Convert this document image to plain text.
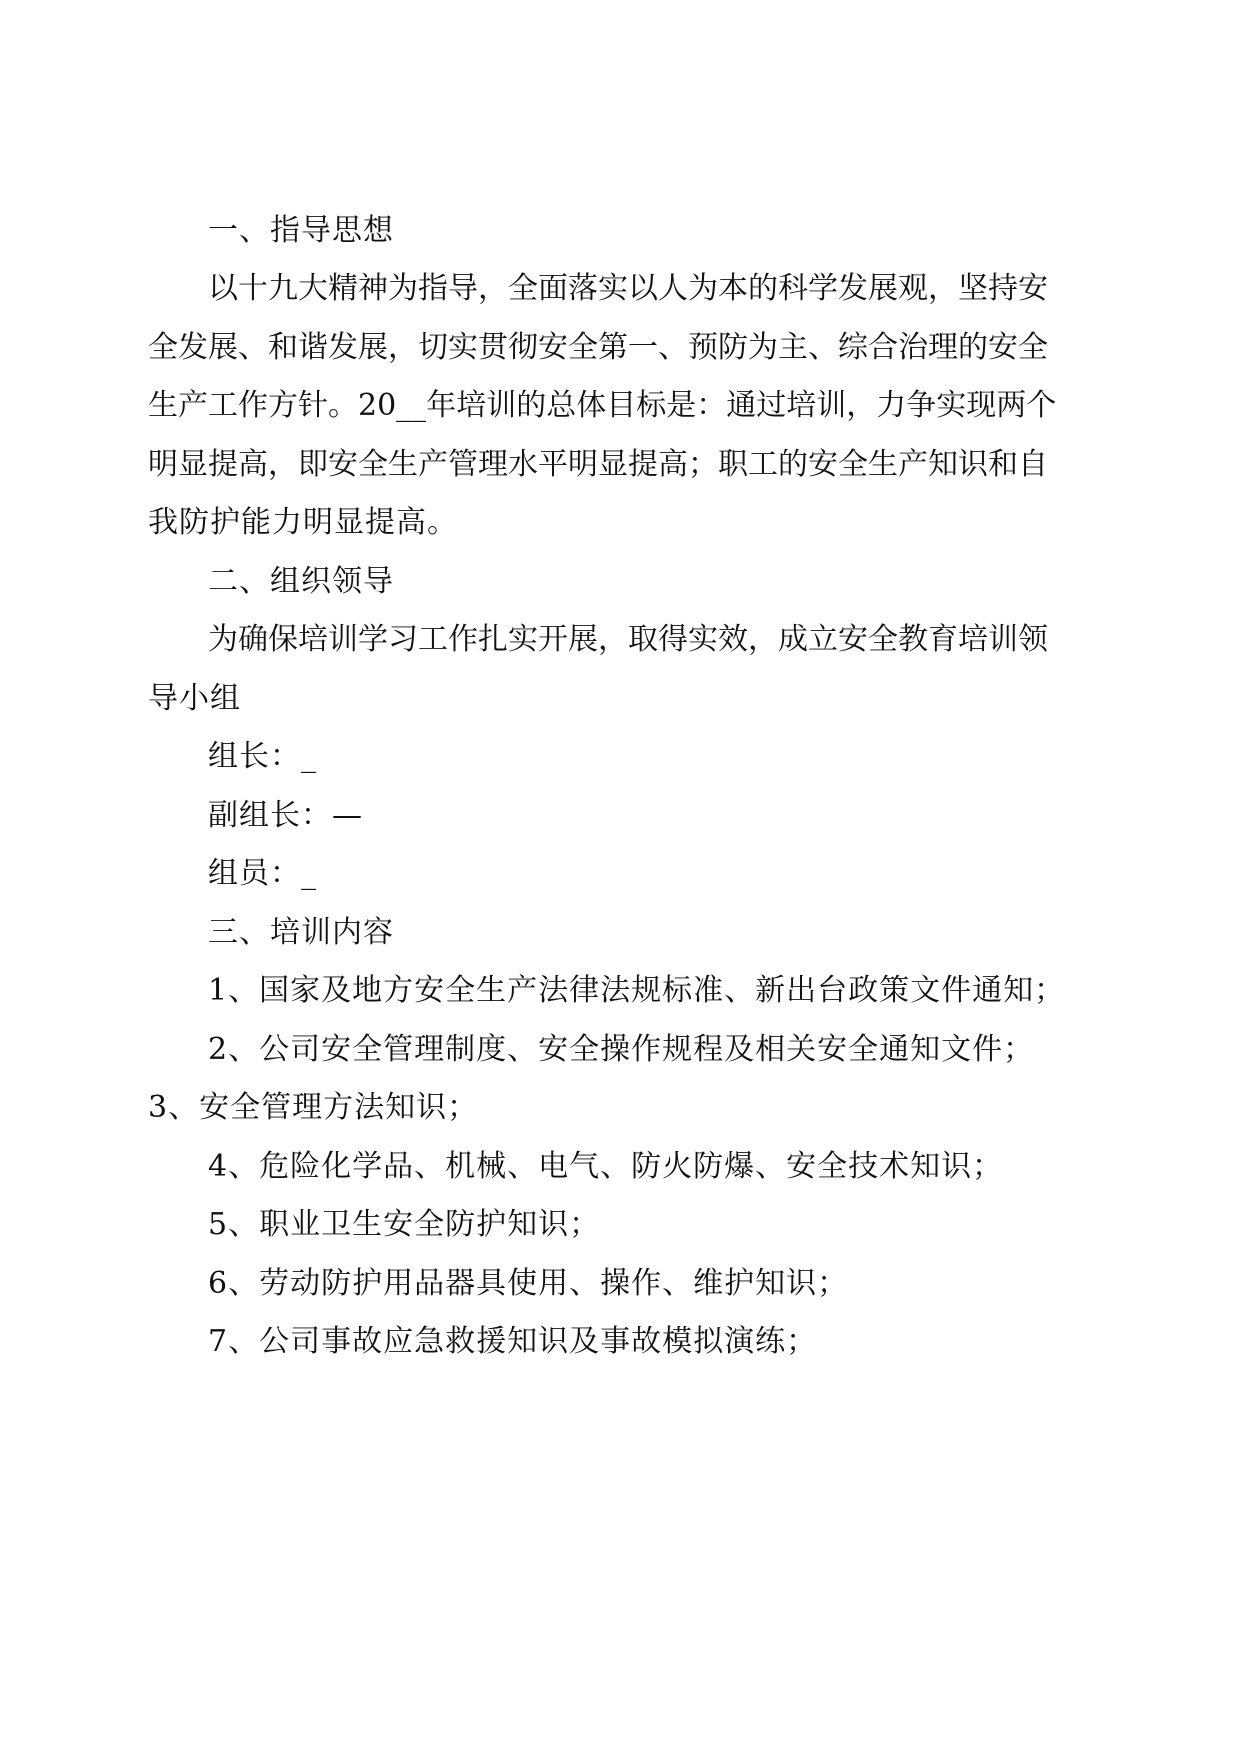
一、指导思想

以 十 九 大 精 神 为 指 导 ， 全 面 落 实 以 人 为 本 的 科 学 发 展 观 ， 坚 持 安

全 发 展 、 和 谐 发 展 ， 切 实 贯 彻 安 全 第 一 、 预 防 为 主 、 综 合 治 理 的 安 全

生 产 工 作 方 针 。 20__ 年 培 训 的 总 体 目 标 是 ： 通 过 培 训 ， 力 争 实 现 两 个

明 显 提 高 ， 即 安 全 生 产 管 理 水 平 明 显 提 高 ； 职 工 的 安 全 生 产 知 识 和 自

我防护能力明显提高。

二、组织领导

为 确 保 培 训 学 习 工 作 扎 实 开 展 ， 取 得 实 效 ， 成 立 安 全 教 育 培 训 领

导小组

组长：_

副组长：—

组员：_

三、培训内容

1、国家及地方安全生产法律法规标准、新出台政策文件通知；

2、公司安全管理制度、安全操作规程及相关安全通知文件；

3、安全管理方法知识；

4、危险化学品、机械、电气、防火防爆、安全技术知识；

5、职业卫生安全防护知识；

6、劳动防护用品器具使用、操作、维护知识；

7、公司事故应急救援知识及事故模拟演练；
